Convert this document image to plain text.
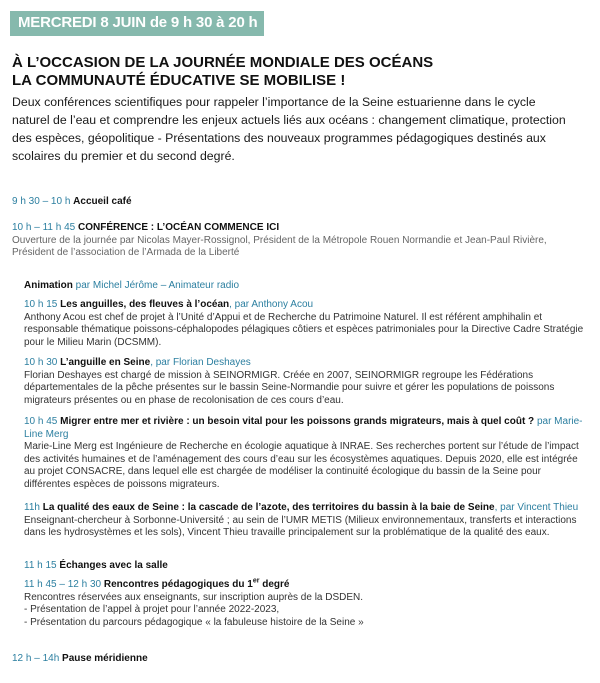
MERCREDI 8 JUIN de 9 h 30 à 20 h
À L’OCCASION DE LA JOURNÉE MONDIALE DES OCÉANS
LA COMMUNAUTÉ ÉDUCATIVE SE MOBILISE !
Deux conférences scientifiques pour rappeler l’importance de la Seine estuarienne dans le cycle naturel de l’eau et comprendre les enjeux actuels liés aux océans : changement climatique, protection des espèces, géopolitique - Présentations des nouveaux programmes pédagogiques destinés aux scolaires du premier et du second degré.
9 h 30 – 10 h Accueil café
10 h – 11 h 45 CONFÉRENCE : L’OCÉAN COMMENCE ICI
Ouverture de la journée par Nicolas Mayer-Rossignol, Président de la Métropole Rouen Normandie et Jean-Paul Rivière, Président de l’association de l’Armada de la Liberté
Animation par Michel Jérôme – Animateur radio
10 h 15 Les anguilles, des fleuves à l’océan, par Anthony Acou
Anthony Acou est chef de projet à l’Unité d’Appui et de Recherche du Patrimoine Naturel. Il est référent amphihalin et responsable thématique poissons-céphalopodes pélagiques côtiers et espèces patrimoniales pour la Directive Cadre Stratégie pour le Milieu Marin (DCSMM).
10 h 30 L’anguille en Seine, par Florian Deshayes
Florian Deshayes est chargé de mission à SEINORMIGR. Créée en 2007, SEINORMIGR regroupe les Fédérations départementales de la pêche présentes sur le bassin Seine-Normandie pour suivre et gérer les populations de poissons migrateurs présentes ou en phase de recolonisation de ces cours d’eau.
10 h 45 Migrer entre mer et rivière : un besoin vital pour les poissons grands migrateurs, mais à quel coût ? par Marie-Line Merg
Marie-Line Merg est Ingénieure de Recherche en écologie aquatique à INRAE. Ses recherches portent sur l’étude de l’impact des activités humaines et de l’aménagement des cours d’eau sur les écosystèmes aquatiques. Depuis 2020, elle est intégrée au projet CONSACRE, dans lequel elle est chargée de modéliser la continuité écologique du bassin de la Seine pour différentes espèces de poissons migrateurs.
11h La qualité des eaux de Seine : la cascade de l’azote, des territoires du bassin à la baie de Seine, par Vincent Thieu
Enseignant-chercheur à Sorbonne-Université ; au sein de l’UMR METIS (Milieux environnementaux, transferts et interactions dans les hydrosystèmes et les sols), Vincent Thieu travaille principalement sur la problématique de la qualité des eaux.
11 h 15 Échanges avec la salle
11 h 45 – 12 h 30 Rencontres pédagogiques du 1er degré
Rencontres réservées aux enseignants, sur inscription auprès de la DSDEN.
- Présentation de l’appel à projet pour l’année 2022-2023,
- Présentation du parcours pédagogique « la fabuleuse histoire de la Seine »
12 h – 14h Pause méridienne
